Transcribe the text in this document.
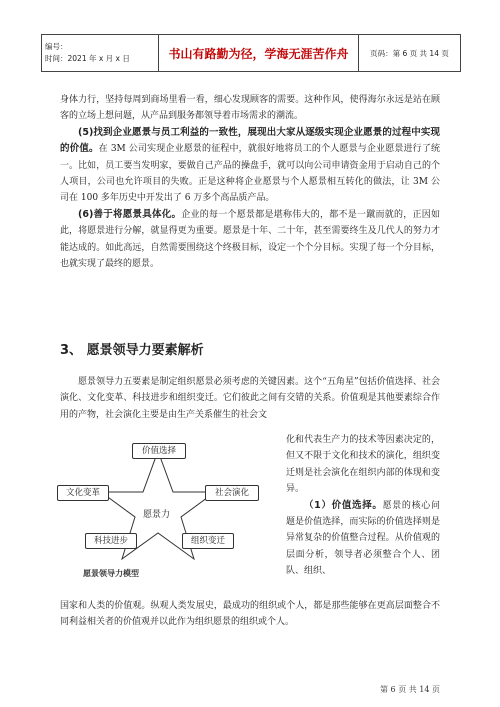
编号：
时间：2021 年 x 月 x 日	书山有路勤为径，学海无涯苦作舟	页码：第 6 页 共 14 页

身体力行，坚持每周到商场里看一看，细心发现顾客的需要。这种作风，使得海尔永远是站在顾客的立场上想问题，从产品到服务都领导着市场需求的潮流。

(5)找到企业愿景与员工利益的一致性，展现出大家从逐级实现企业愿景的过程中实现的价值。在 3M 公司实现企业愿景的征程中，就很好地将员工的个人愿景与企业愿景进行了统一。比如，员工要当发明家，要做自己产品的操盘手，就可以向公司申请资金用于启动自己的个人项目，公司也允许项目的失败。正是这种将企业愿景与个人愿景相互转化的做法，让 3M 公司在 100 多年历史中开发出了 6 万多个高品质产品。

(6)善于将愿景具体化。企业的每一个愿景都是堪称伟大的，都不是一蹴而就的，正因如此，将愿景进行分解，就显得更为重要。愿景是十年、二十年，甚至需要终生及几代人的努力才能达成的。如此高远，自然需要围绕这个终极目标，设定一个个分目标。实现了每一个分目标，也就实现了最终的愿景。

3、 愿景领导力要素解析

愿景领导力五要素是制定组织愿景必须考虑的关键因素。这个“五角星”包括价值选择、社会演化、文化变革、科技进步和组织变迁。它们彼此之间有交错的关系。价值观是其他要素综合作用的产物，社会演化主要是由生产关系催生的社会文

价值选择
文化变革	社会演化
科技进步	组织变迁
愿景力
愿景领导力模型

化和代表生产力的技术等因素决定的，但又不限于文化和技术的演化，组织变迁则是社会演化在组织内部的体现和变异。

（1）价值选择。愿景的核心问题是价值选择，而实际的价值选择则是异常复杂的价值整合过程。从价值观的层面分析，领导者必须整合个人、团队、组织、

国家和人类的价值观。纵观人类发展史，最成功的组织或个人，都是那些能够在更高层面整合不同利益相关者的价值观并以此作为组织愿景的组织或个人。

第 6 页 共 14 页
